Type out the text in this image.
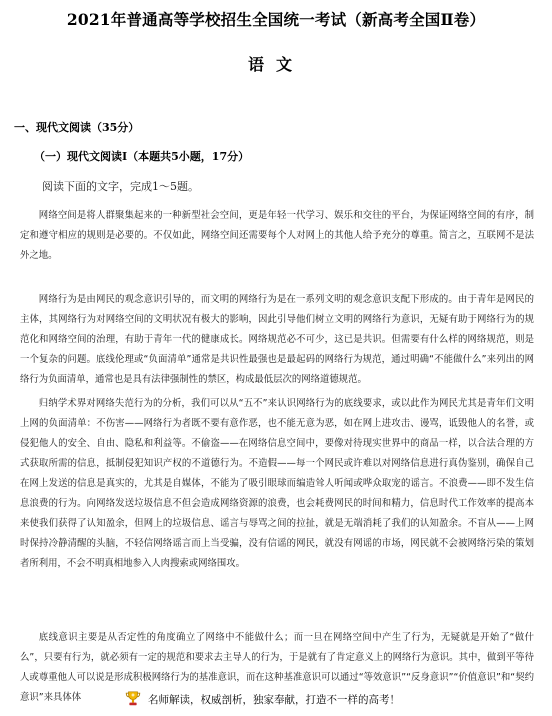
2021年普通高等学校招生全国统一考试（新高考全国Ⅱ卷）
语文
一、现代文阅读（35分）
（一）现代文阅读Ⅰ（本题共5小题，17分）
阅读下面的文字，完成1～5题。

网络空间是将人群聚集起来的一种新型社会空间，更是年轻一代学习、娱乐和交往的平台，为保证网络空间的有序，制定和遵守相应的规则是必要的。不仅如此，网络空间还需要每个人对网上的其他人给予充分的尊重。简言之，互联网不是法外之地。

网络行为是由网民的观念意识引导的，而文明的网络行为是在一系列文明的观念意识支配下形成的。由于青年是网民的主体，其网络行为对网络空间的文明状况有极大的影响，因此引导他们树立文明的网络行为意识，无疑有助于网络行为的规范化和网络空间的治理，有助于青年一代的健康成长。网络规范必不可少，这已是共识。但需要有什么样的网络规范，则是一个复杂的问题。底线伦理或“负面清单”通常是共识性最强也是最起码的网络行为规范，通过明确“不能做什么”来列出的网络行为负面清单，通常也是具有法律强制性的禁区，构成最低层次的网络道德规范。

归纳学术界对网络失范行为的分析，我们可以从“五不”来认识网络行为的底线要求，或以此作为网民尤其是青年们文明上网的负面清单：不伤害——网络行为者既不要有意作恶，也不能无意为恶，如在网上进攻击、谩骂，诋毁他人的名誉，或侵犯他人的安全、自由、隐私和利益等。不偷盗——在网络信息空间中，要像对待现实世界中的商品一样，以合法合理的方式获取所需的信息，抵制侵犯知识产权的不道德行为。不造假——每一个网民或许难以对网络信息进行真伪鉴别，确保自己在网上发送的信息是真实的，尤其是自媒体，不能为了吸引眼球而编造耸人听闻或哗众取宠的谣言。不浪费——即不发生信息浪费的行为。向网络发送垃圾信息不但会造成网络资源的浪费，也会耗费网民的时间和精力，信息时代工作效率的提高本来使我们获得了认知盈余，但网上的垃圾信息、谣言与辱骂之间的拉扯，就是无端消耗了我们的认知盈余。不盲从——上网时保持冷静清醒的头脑，不轻信网络谣言而上当受骗，没有信谣的网民，就没有网谣的市场，网民就不会被网络污染的策划者所利用，不会不明真相地参入人肉搜索或网络围攻。

底线意识主要是从否定性的角度确立了网络中不能做什么；而一旦在网络空间中产生了行为，无疑就是开始了“做什么”，只要有行为，就必须有一定的规范和要求去主导人的行为，于是就有了肯定意义上的网络行为意识。其中，做到平等待人或尊重他人可以说是形成积极网络行为的基准意识，而在这种基准意识可以通过“等效意识”“反身意识”“价值意识”和“契约意识”来具体体	名师解读，权威剖析，独家奉献，打造不一样的高考！
